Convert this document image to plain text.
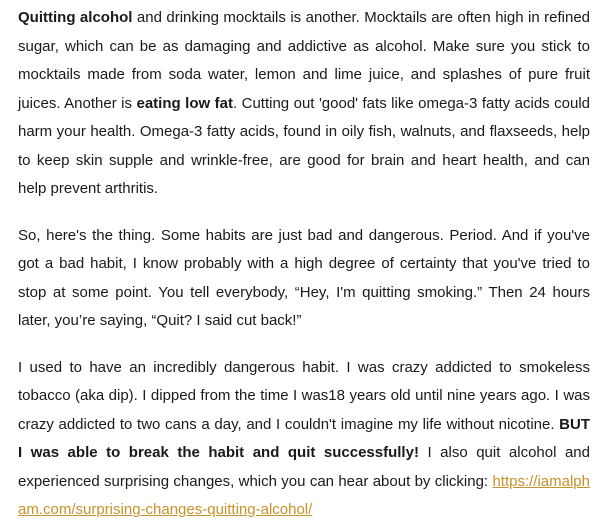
Quitting alcohol and drinking mocktails is another. Mocktails are often high in refined sugar, which can be as damaging and addictive as alcohol. Make sure you stick to mocktails made from soda water, lemon and lime juice, and splashes of pure fruit juices. Another is eating low fat. Cutting out 'good' fats like omega-3 fatty acids could harm your health. Omega-3 fatty acids, found in oily fish, walnuts, and flaxseeds, help to keep skin supple and wrinkle-free, are good for brain and heart health, and can help prevent arthritis.

So, here's the thing. Some habits are just bad and dangerous. Period. And if you've got a bad habit, I know probably with a high degree of certainty that you've tried to stop at some point. You tell everybody, “Hey, I'm quitting smoking.” Then 24 hours later, you’re saying, “Quit? I said cut back!”

I used to have an incredibly dangerous habit. I was crazy addicted to smokeless tobacco (aka dip). I dipped from the time I was18 years old until nine years ago. I was crazy addicted to two cans a day, and I couldn't imagine my life without nicotine. BUT I was able to break the habit and quit successfully! I also quit alcohol and experienced surprising changes, which you can hear about by clicking: https://iamalpham.com/surprising-changes-quitting-alcohol/
